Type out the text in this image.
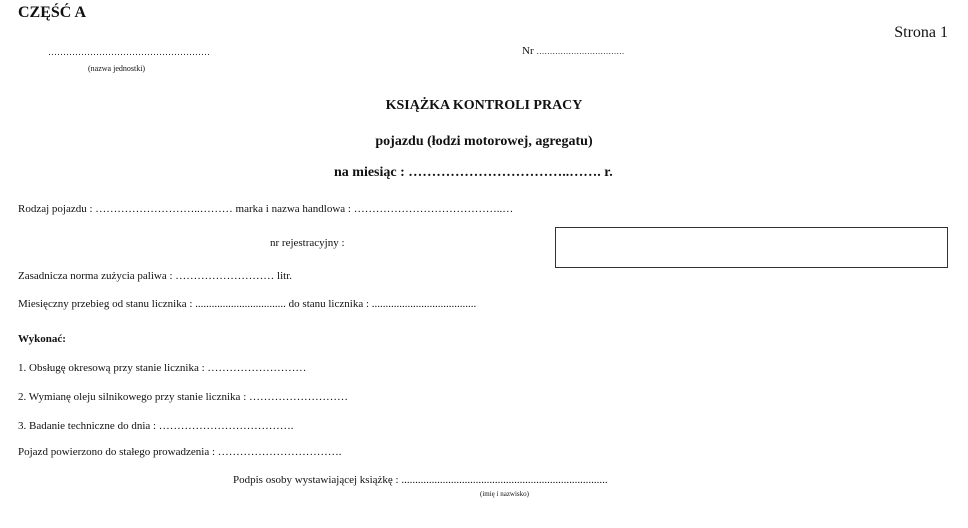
CZĘŚĆ A
Strona 1
………………………………………………
(nazwa jednostki)
Nr ……………………………
KSIĄŻKA KONTROLI PRACY
pojazdu (łodzi motorowej, agregatu)
na miesiąc : ……………………………..……. r.
Rodzaj pojazdu : ………………………..……… marka i nazwa handlowa : …………………………………..…
nr rejestracyjny :
Zasadnicza norma zużycia paliwa : ……………………… litr.
Miesięczny przebieg od stanu licznika : ................................. do stanu licznika : ......................................
Wykonać:
1. Obsługę okresową przy stanie licznika : ………………………
2. Wymianę oleju silnikowego przy stanie licznika : ………………………
3. Badanie techniczne do dnia : ……………………………….
Pojazd powierzono do stałego prowadzenia : …………………………….
Podpis osoby wystawiającej książkę : ...........................................................................
(imię i nazwisko)
